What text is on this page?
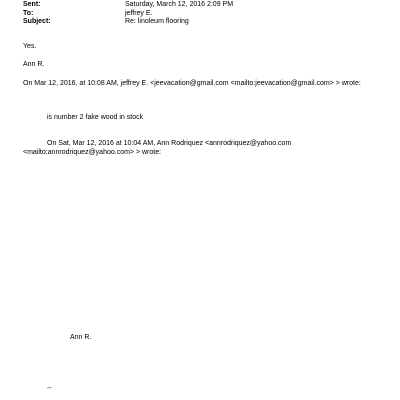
Sent:	Saturday, March 12, 2016 2:09 PM
To:	jeffrey E.
Subject:	Re: linoleum flooring
Yes.
Ann R.
On Mar 12, 2016, at 10:08 AM, jeffrey E. <jeevacation@gmail.com <mailto:jeevacation@gmail.com> > wrote:
is number 2 fake wood in stock
On Sat, Mar 12, 2016 at 10:04 AM, Ann Rodriquez <annrodriquez@yahoo.com
<mailto:annrodriquez@yahoo.com> > wrote:
Ann R.
--
